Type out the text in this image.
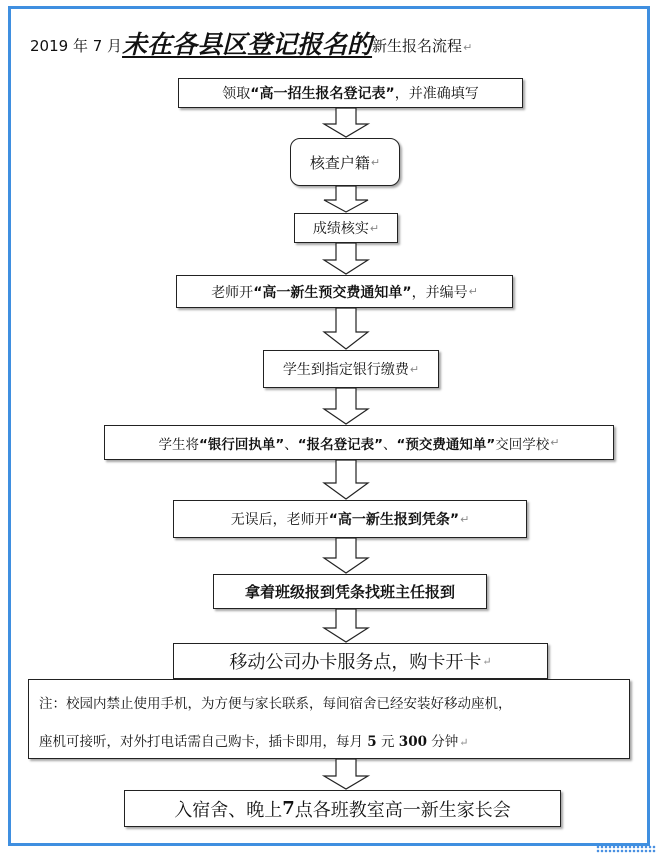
2019 年 7 月未在各县区登记报名的新生报名流程↵
领取 “高一招生报名登记表” ，并准确填写
核查户籍 ↵
成绩核实 ↵
老师开 “高一新生预交费通知单” ，并编号 ↵
学生到指定银行缴费 ↵
学生将 “银行回执单” 、 “报名登记表” 、 “预交费通知单” 交回学校 ↵
无误后，老师开 “高一新生报到凭条” ↵
拿着班级报到凭条找班主任报到
移动公司办卡服务点，购卡开卡 ↵
注：校园内禁止使用手机，为方便与家长联系，每间宿舍已经安装好移动座机，
座机可接听，对外打电话需自己购卡，插卡即用，每月 5 元 300 分钟↵
入宿舍、晚上 7 点各班教室高一新生家长会
